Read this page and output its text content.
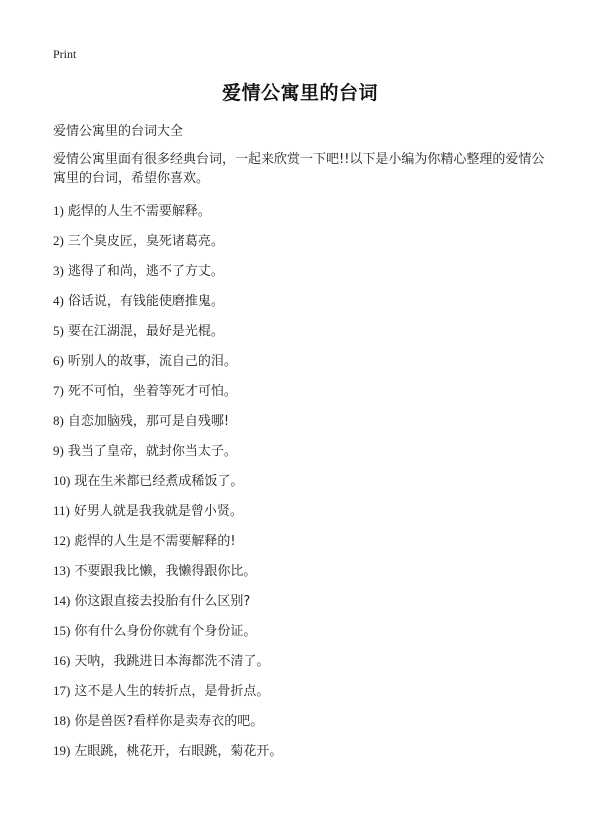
Print
爱情公寓里的台词
爱情公寓里的台词大全
爱情公寓里面有很多经典台词，一起来欣赏一下吧!!以下是小编为你精心整理的爱情公寓里的台词，希望你喜欢。
1) 彪悍的人生不需要解释。
2) 三个臭皮匠，臭死诸葛亮。
3) 逃得了和尚，逃不了方丈。
4) 俗话说，有钱能使磨推鬼。
5) 要在江湖混，最好是光棍。
6) 听别人的故事，流自己的泪。
7) 死不可怕，坐着等死才可怕。
8) 自恋加脑残，那可是自残哪!
9) 我当了皇帝，就封你当太子。
10) 现在生米都已经煮成稀饭了。
11) 好男人就是我我就是曾小贤。
12) 彪悍的人生是不需要解释的!
13) 不要跟我比懒，我懒得跟你比。
14) 你这跟直接去投胎有什么区别?
15) 你有什么身份你就有个身份证。
16) 天呐，我跳进日本海都洗不清了。
17) 这不是人生的转折点，是骨折点。
18) 你是兽医?看样你是卖寿衣的吧。
19) 左眼跳，桃花开，右眼跳，菊花开。
